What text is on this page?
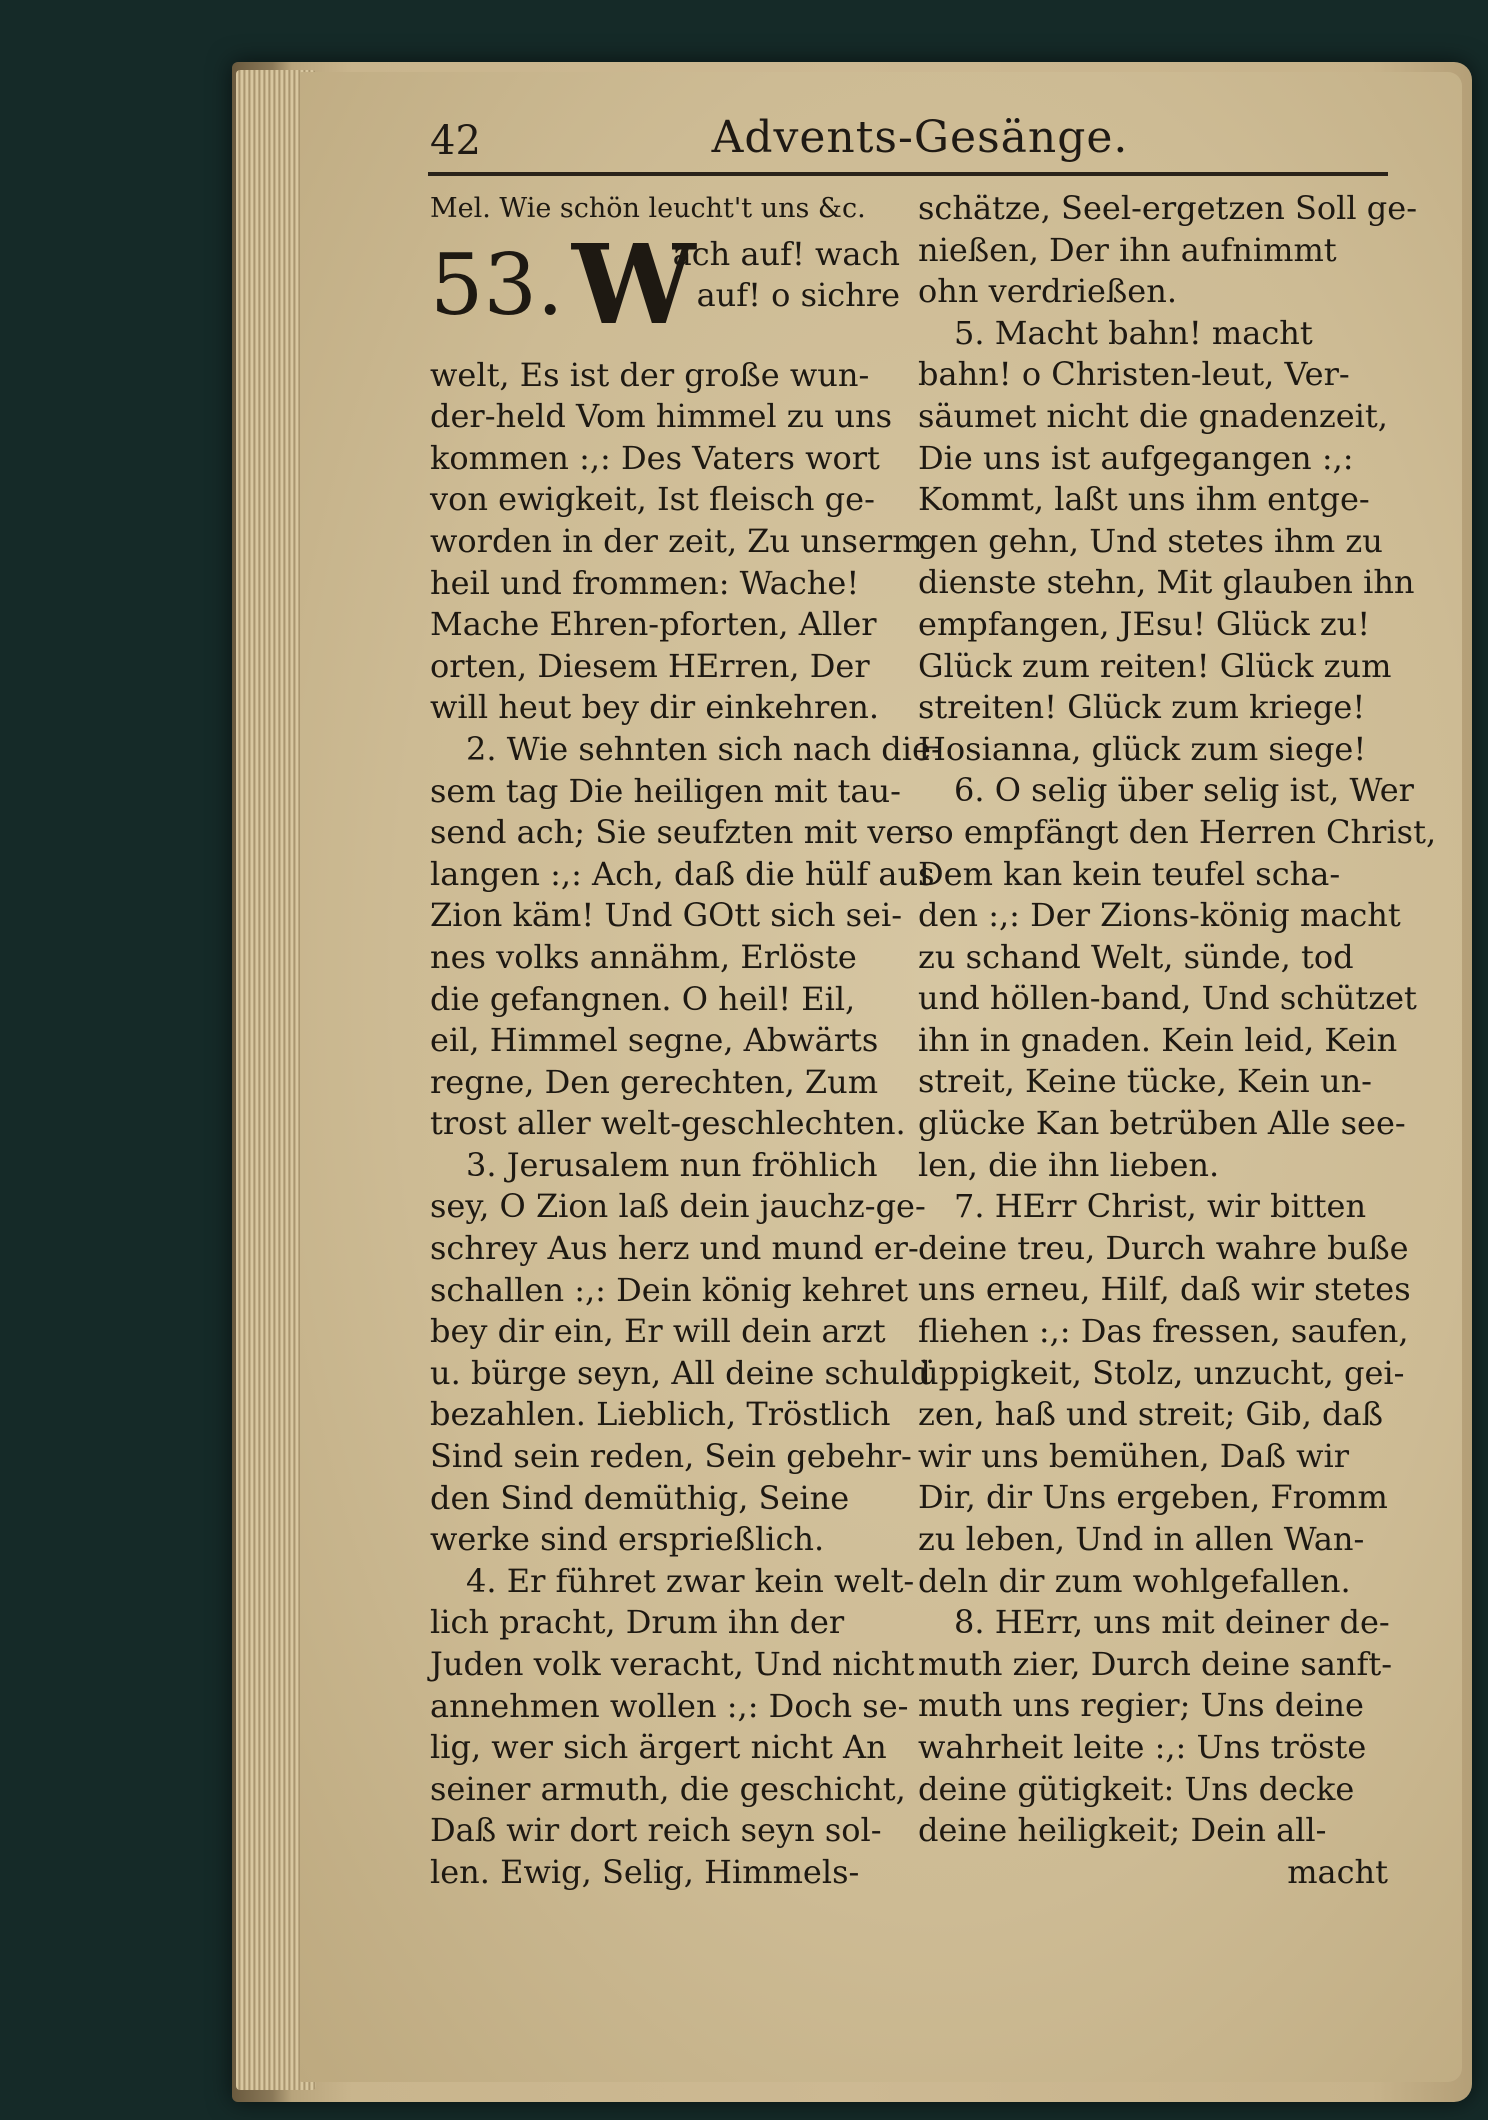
42	Advents-Gesänge.
Mel. Wie schön leucht't uns &c.
53. W
ach auf! wach
auf! o sichre
welt, Es ist der große wun-
der-held Vom himmel zu uns
kommen :,: Des Vaters wort
von ewigkeit, Ist fleisch ge-
worden in der zeit, Zu unserm
heil und frommen: Wache!
Mache Ehren-pforten, Aller
orten, Diesem HErren, Der
will heut bey dir einkehren.
2. Wie sehnten sich nach die-
sem tag Die heiligen mit tau-
send ach; Sie seufzten mit ver-
langen :,: Ach, daß die hülf aus
Zion käm! Und GOtt sich sei-
nes volks annähm, Erlöste
die gefangnen. O heil! Eil,
eil, Himmel segne, Abwärts
regne, Den gerechten, Zum
trost aller welt-geschlechten.
3. Jerusalem nun fröhlich
sey, O Zion laß dein jauchz-ge-
schrey Aus herz und mund er-
schallen :,: Dein könig kehret
bey dir ein, Er will dein arzt
u. bürge seyn, All deine schuld
bezahlen. Lieblich, Tröstlich
Sind sein reden, Sein gebehr-
den Sind demüthig, Seine
werke sind ersprießlich.
4. Er führet zwar kein welt-
lich pracht, Drum ihn der
Juden volk veracht, Und nicht
annehmen wollen :,: Doch se-
lig, wer sich ärgert nicht An
seiner armuth, die geschicht,
Daß wir dort reich seyn sol-
len. Ewig, Selig, Himmels-
schätze, Seel-ergetzen Soll ge-
nießen, Der ihn aufnimmt
ohn verdrießen.
5. Macht bahn! macht
bahn! o Christen-leut, Ver-
säumet nicht die gnadenzeit,
Die uns ist aufgegangen :,:
Kommt, laßt uns ihm entge-
gen gehn, Und stetes ihm zu
dienste stehn, Mit glauben ihn
empfangen, JEsu! Glück zu!
Glück zum reiten! Glück zum
streiten! Glück zum kriege!
Hosianna, glück zum siege!
6. O selig über selig ist, Wer
so empfängt den Herren Christ,
Dem kan kein teufel scha-
den :,: Der Zions-könig macht
zu schand Welt, sünde, tod
und höllen-band, Und schützet
ihn in gnaden. Kein leid, Kein
streit, Keine tücke, Kein un-
glücke Kan betrüben Alle see-
len, die ihn lieben.
7. HErr Christ, wir bitten
deine treu, Durch wahre buße
uns erneu, Hilf, daß wir stetes
fliehen :,: Das fressen, saufen,
üppigkeit, Stolz, unzucht, gei-
zen, haß und streit; Gib, daß
wir uns bemühen, Daß wir
Dir, dir Uns ergeben, Fromm
zu leben, Und in allen Wan-
deln dir zum wohlgefallen.
8. HErr, uns mit deiner de-
muth zier, Durch deine sanft-
muth uns regier; Uns deine
wahrheit leite :,: Uns tröste
deine gütigkeit: Uns decke
deine heiligkeit; Dein all-
macht
